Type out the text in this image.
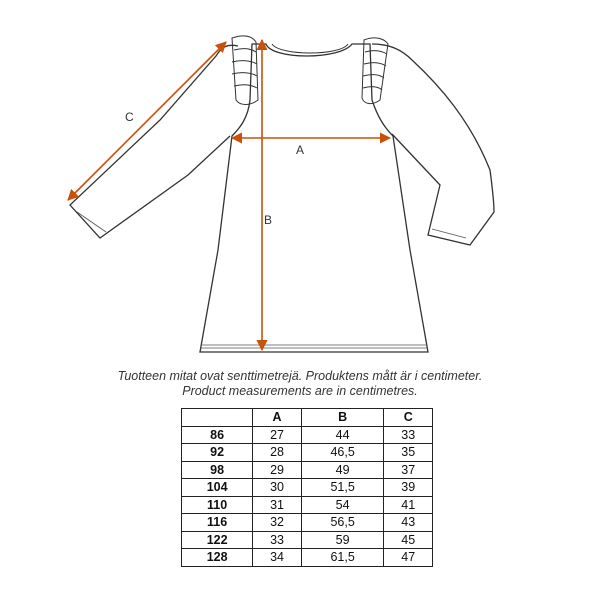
A
B
C
Tuotteen mitat ovat senttimetrejä. Produktens mått är i centimeter.
Product measurements are in centimetres.
	A	B	C
86	27	44	33
92	28	46,5	35
98	29	49	37
104	30	51,5	39
110	31	54	41
116	32	56,5	43
122	33	59	45
128	34	61,5	47
